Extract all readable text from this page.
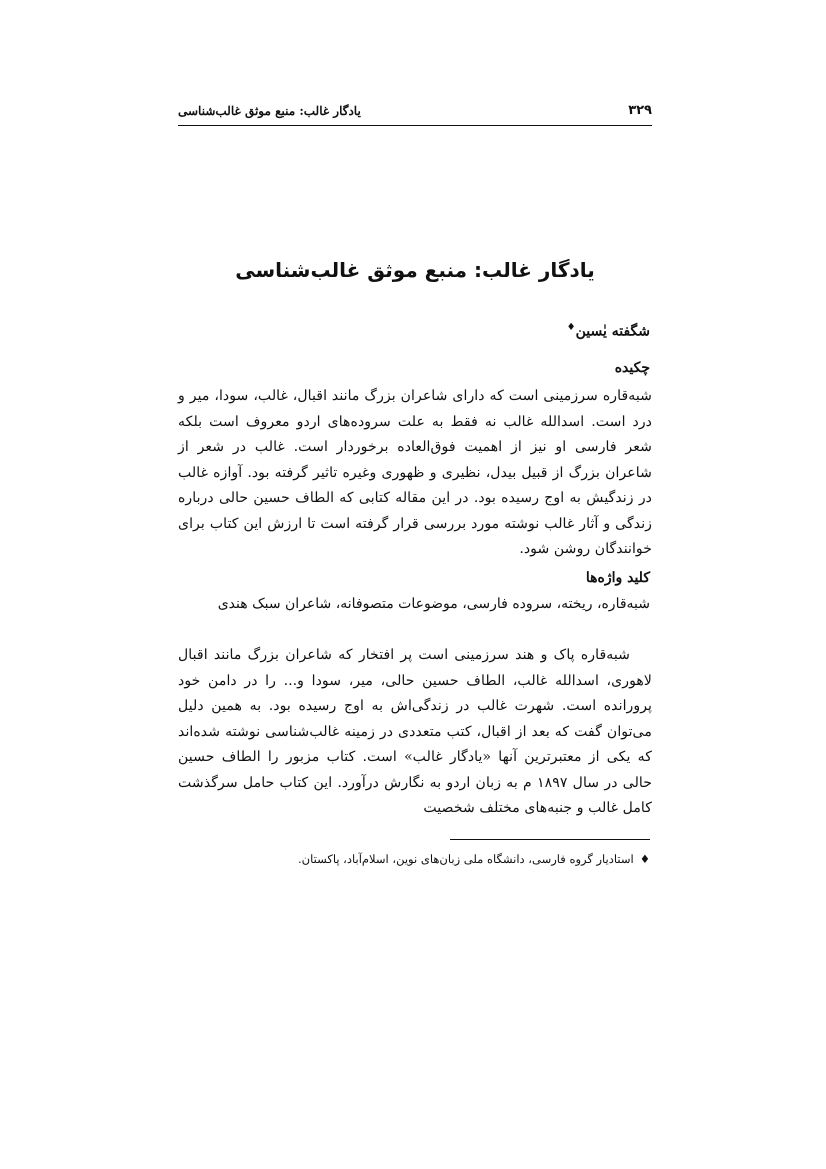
۳۲۹
یادگار غالب: منبع موثق غالب‌شناسی
یادگار غالب: منبع موثق غالب‌شناسی
شگفته یٰسین♦
چکیده

شبه‌قاره سرزمینی است که دارای شاعران بزرگ مانند اقبال، غالب، سودا، میر و درد است. اسدالله غالب نه فقط به علت سروده‌های اردو معروف است بلکه شعر فارسی او نیز از اهمیت فوق‌العاده برخوردار است. غالب در شعر از شاعران بزرگ از قبیل بیدل، نظیری و ظهوری وغیره تاثیر گرفته بود. آوازه غالب در زندگیش به اوج رسیده بود. در این مقاله کتابی که الطاف حسین حالی درباره زندگی و آثار غالب نوشته مورد بررسی قرار گرفته است تا ارزش این کتاب برای خوانندگان روشن شود.

کلید واژه‌ها
شبه‌قاره، ریخته، سروده فارسی، موضوعات متصوفانه، شاعران سبک هندی

شبه‌قاره پاک و هند سرزمینی است پر افتخار که شاعران بزرگ مانند اقبال لاهوری، اسدالله غالب، الطاف حسین حالی، میر، سودا و... را در دامن خود پرورانده است. شهرت غالب در زندگی‌اش به اوج رسیده بود. به همین دلیل می‌توان گفت که بعد از اقبال، کتب متعددی در زمینه غالب‌شناسی نوشته شده‌اند که یکی از معتبرترین آنها «یادگار غالب» است. کتاب مزبور را الطاف حسین حالی در سال ۱۸۹۷ م به زبان اردو به نگارش درآورد. این کتاب حامل سرگذشت کامل غالب و جنبه‌های مختلف شخصیت

♦استادیار گروه فارسی، دانشگاه ملی زبان‌های نوین، اسلام‌آباد، پاکستان.
